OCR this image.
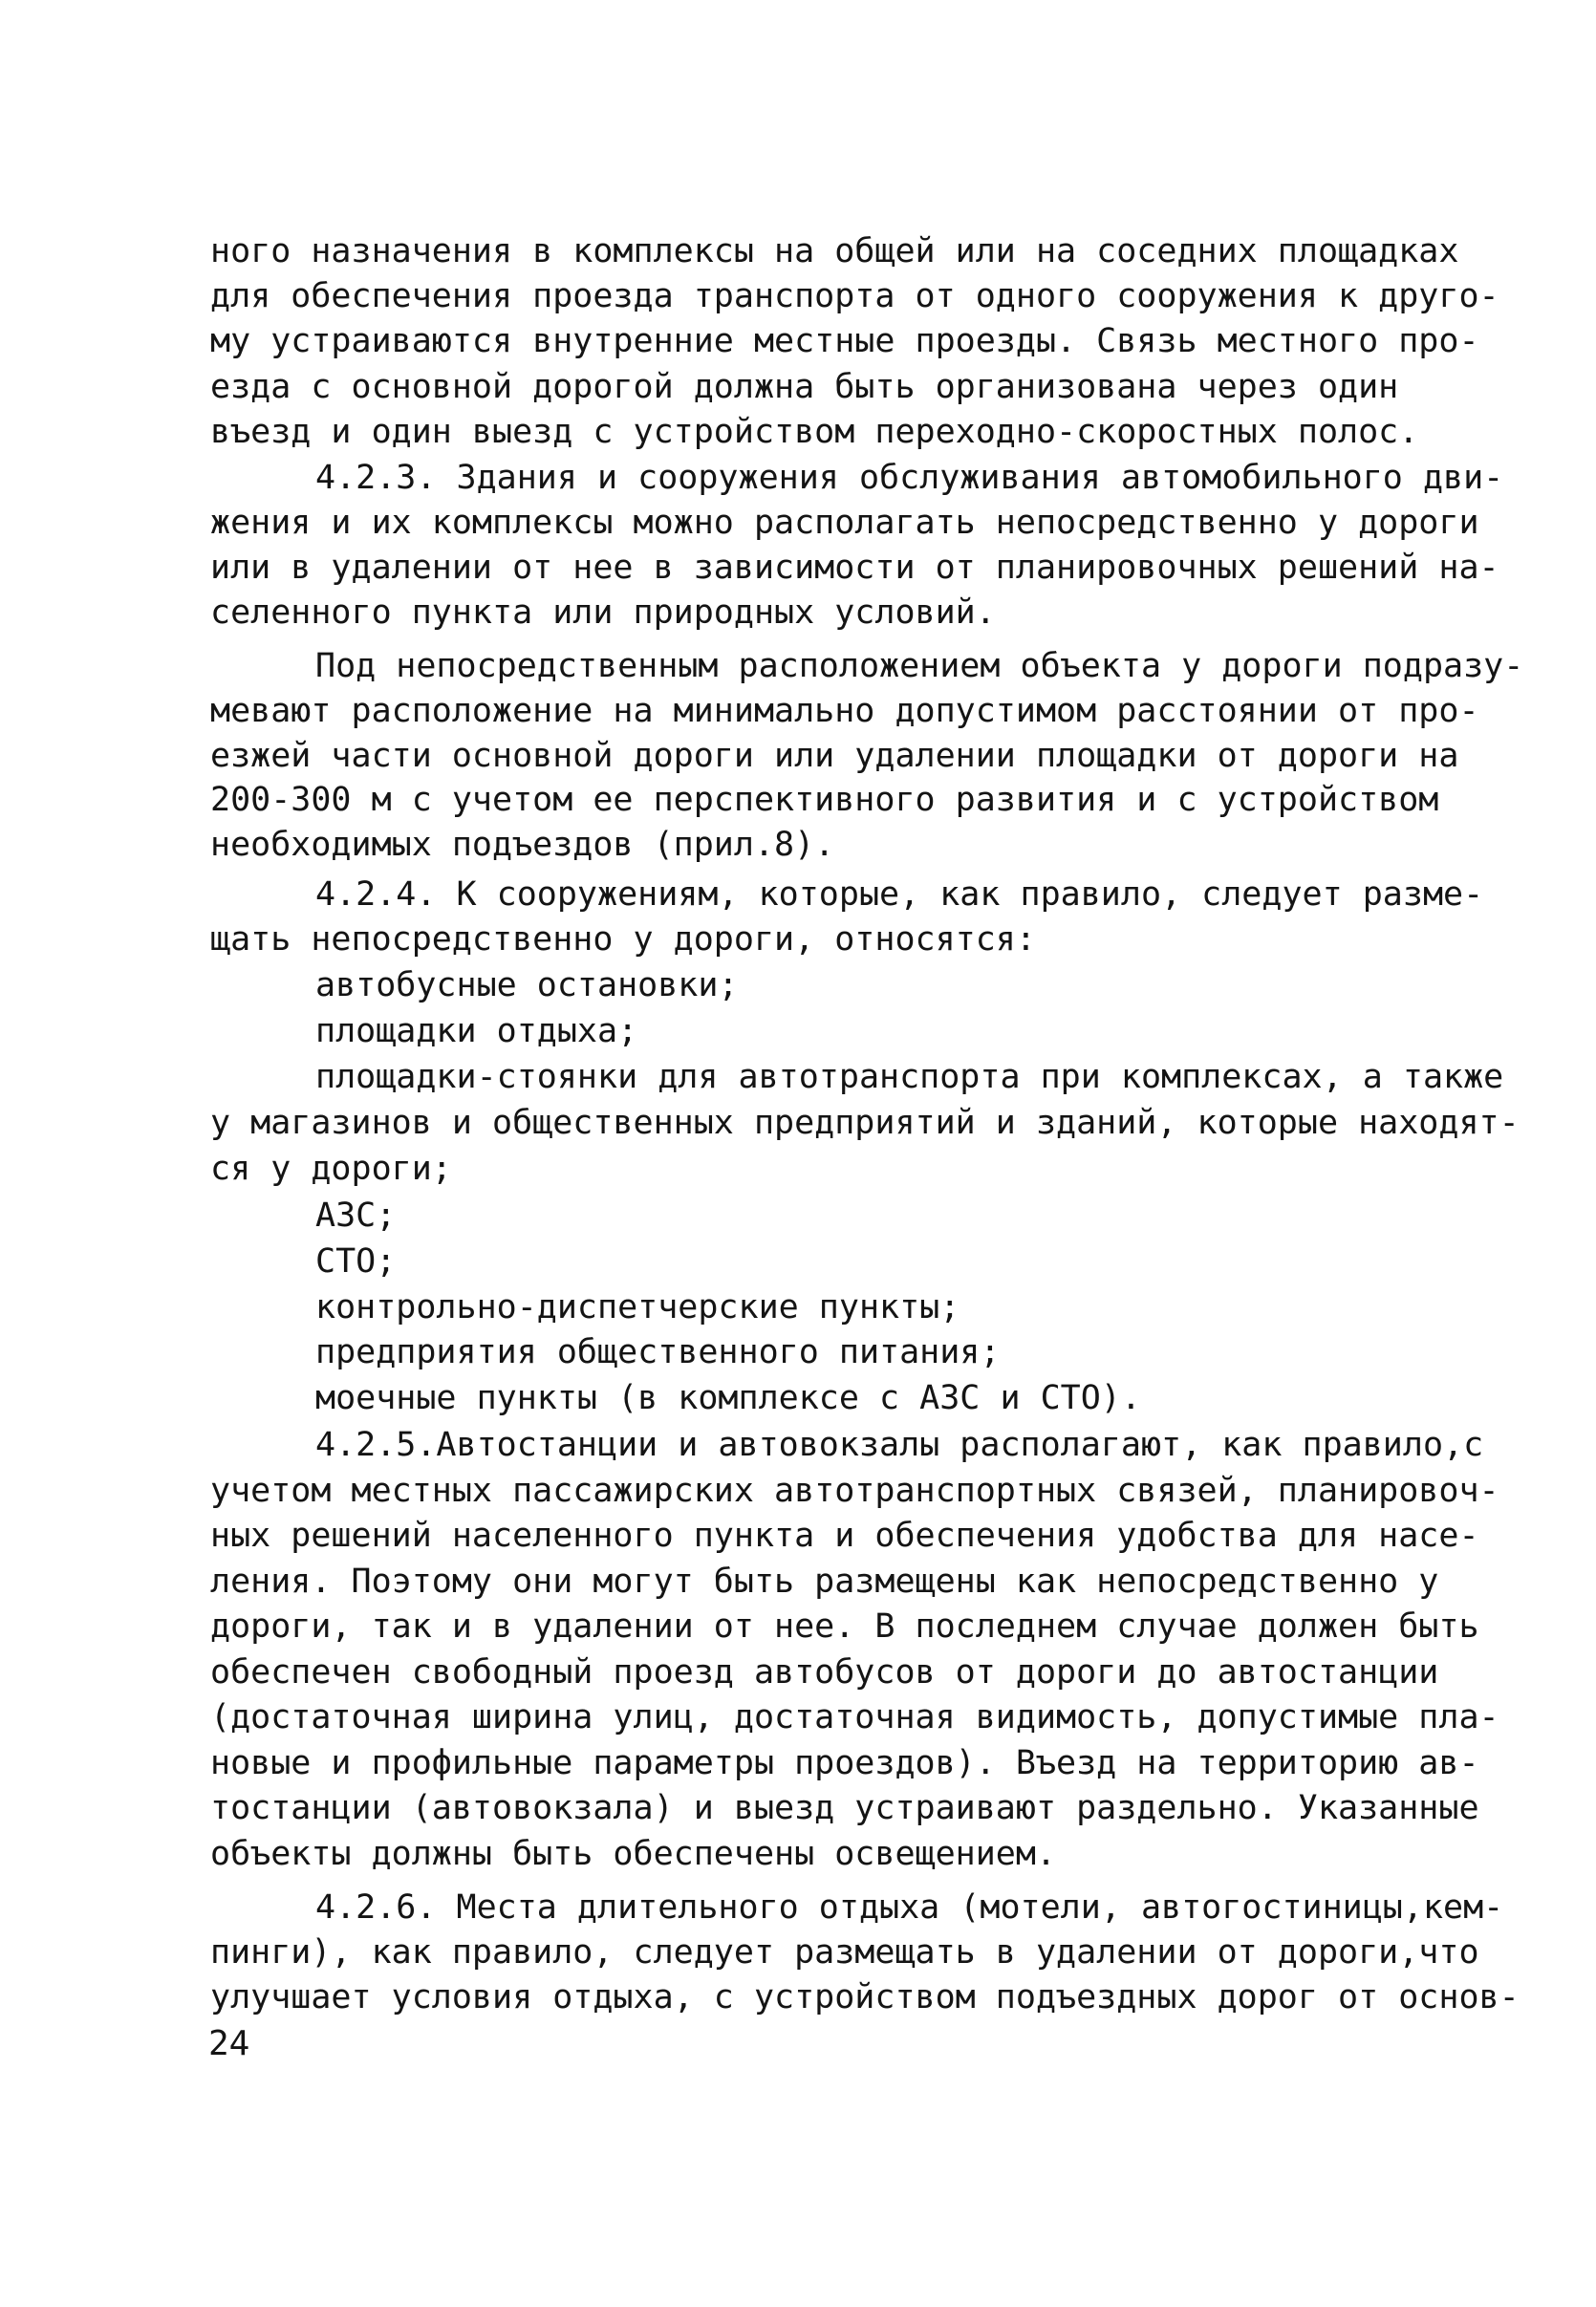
ного назначения в комплексы на общей или на соседних площадках

для обеспечения проезда транспорта от одного сооружения к друго-

му устраиваются внутренние местные проезды. Связь местного про-

езда с основной дорогой должна быть организована через один

въезд и один выезд с устройством переходно-скоростных полос.

4.2.3. Здания и сооружения обслуживания автомобильного дви-

жения и их комплексы можно располагать непосредственно у дороги

или в удалении от нее в зависимости от планировочных решений на-

селенного пункта или природных условий.

Под непосредственным расположением объекта у дороги подразу-

мевают расположение на минимально допустимом расстоянии от про-

езжей части основной дороги или удалении площадки от дороги на

200-300 м с учетом ее перспективного развития и с устройством

необходимых подъездов (прил.8).

4.2.4. К сооружениям, которые, как правило, следует разме-

щать непосредственно у дороги, относятся:

автобусные остановки;

площадки отдыха;

площадки-стоянки для автотранспорта при комплексах, а также

у магазинов и общественных предприятий и зданий, которые находят-

ся у дороги;

АЗС;

СТО;

контрольно-диспетчерские пункты;

предприятия общественного питания;

моечные пункты (в комплексе с АЗС и СТО).

4.2.5.Автостанции и автовокзалы располагают, как правило,с

учетом местных пассажирских автотранспортных связей, планировоч-

ных решений населенного пункта и обеспечения удобства для насе-

ления. Поэтому они могут быть размещены как непосредственно у

дороги, так и в удалении от нее. В последнем случае должен быть

обеспечен свободный проезд автобусов от дороги до автостанции

(достаточная ширина улиц, достаточная видимость, допустимые пла-

новые и профильные параметры проездов). Въезд на территорию ав-

тостанции (автовокзала) и выезд устраивают раздельно. Указанные

объекты должны быть обеспечены освещением.

4.2.6. Места длительного отдыха (мотели, автогостиницы,кем-

пинги), как правило, следует размещать в удалении от дороги,что

улучшает условия отдыха, с устройством подъездных дорог от основ-

24
